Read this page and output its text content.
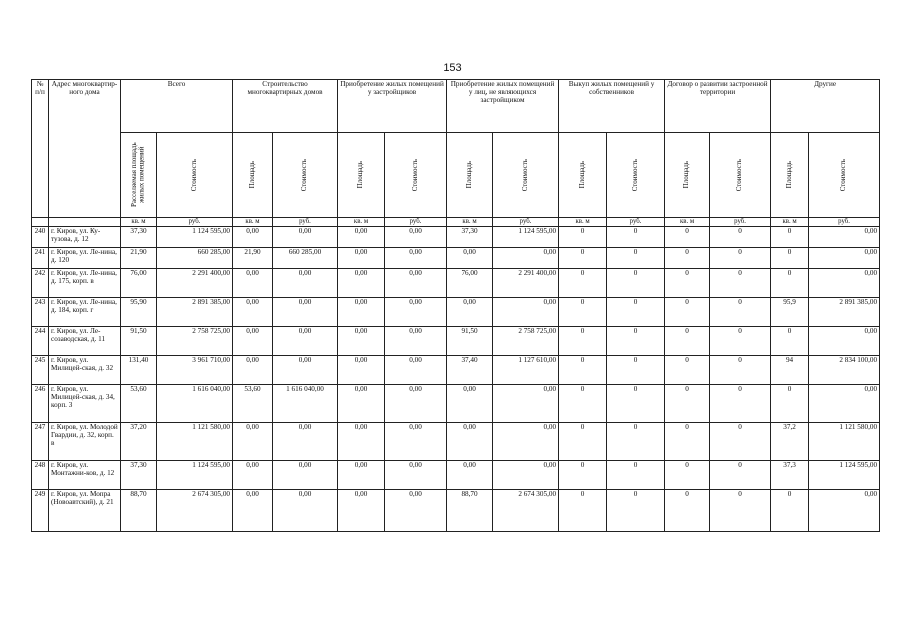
153
№ п/п	Адрес многоквартир-ного дома	Всего		Строительство многоквартирных домов		Приобретение жилых помещений у застройщиков		Приобретение жилых помещений у лиц, не являющихся застройщиком		Выкуп жилых помещений у собственников		Договор о развитии застроенной территории		Другие	

		Расселяемая площадь жилых помещений	Стоимость	Площадь	Стоимость	Площадь	Стоимость	Площадь	Стоимость	Площадь	Стоимость	Площадь	Стоимость	Площадь	Стоимость

		кв. м	руб.	кв. м	руб.	кв. м	руб.	кв. м	руб.	кв. м	руб.	кв. м	руб.	кв. м	руб.
240	г. Киров, ул. Ку-тузова, д. 12	37,30	1 124 595,00	0,00	0,00	0,00	0,00	37,30	1 124 595,00	0	0	0	0	0	0,00
241	г. Киров, ул. Ле-нина, д. 120	21,90	660 285,00	21,90	660 285,00	0,00	0,00	0,00	0,00	0	0	0	0	0	0,00
242	г. Киров, ул. Ле-нина, д. 175, корп. в	76,00	2 291 400,00	0,00	0,00	0,00	0,00	76,00	2 291 400,00	0	0	0	0	0	0,00
243	г. Киров, ул. Ле-нина, д. 184, корп. г	95,90	2 891 385,00	0,00	0,00	0,00	0,00	0,00	0,00	0	0	0	0	95,9	2 891 385,00
244	г. Киров, ул. Ле-созаводская, д. 11	91,50	2 758 725,00	0,00	0,00	0,00	0,00	91,50	2 758 725,00	0	0	0	0	0	0,00
245	г. Киров, ул. Милицей-ская, д. 32	131,40	3 961 710,00	0,00	0,00	0,00	0,00	37,40	1 127 610,00	0	0	0	0	94	2 834 100,00
246	г. Киров, ул. Милицей-ская, д. 34, корп. 3	53,60	1 616 040,00	53,60	1 616 040,00	0,00	0,00	0,00	0,00	0	0	0	0	0	0,00
247	г. Киров, ул. Молодой Гвардии, д. 32, корп. в	37,20	1 121 580,00	0,00	0,00	0,00	0,00	0,00	0,00	0	0	0	0	37,2	1 121 580,00
248	г. Киров, ул. Монтажни-ков, д. 12	37,30	1 124 595,00	0,00	0,00	0,00	0,00	0,00	0,00	0	0	0	0	37,3	1 124 595,00
249	г. Киров, ул. Мопра (Новоавтский), д. 21	88,70	2 674 305,00	0,00	0,00	0,00	0,00	88,70	2 674 305,00	0	0	0	0	0	0,00
